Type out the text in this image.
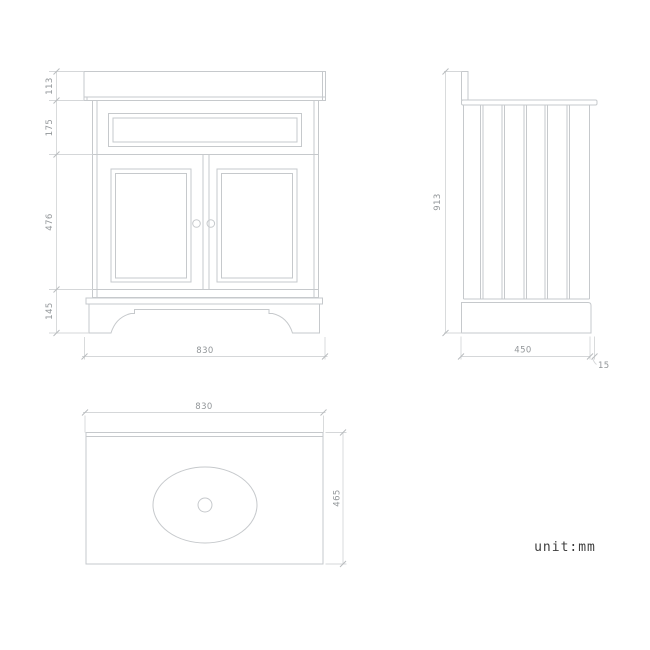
113
175
476
145
830
913
450
15
830
465
unit:mm
